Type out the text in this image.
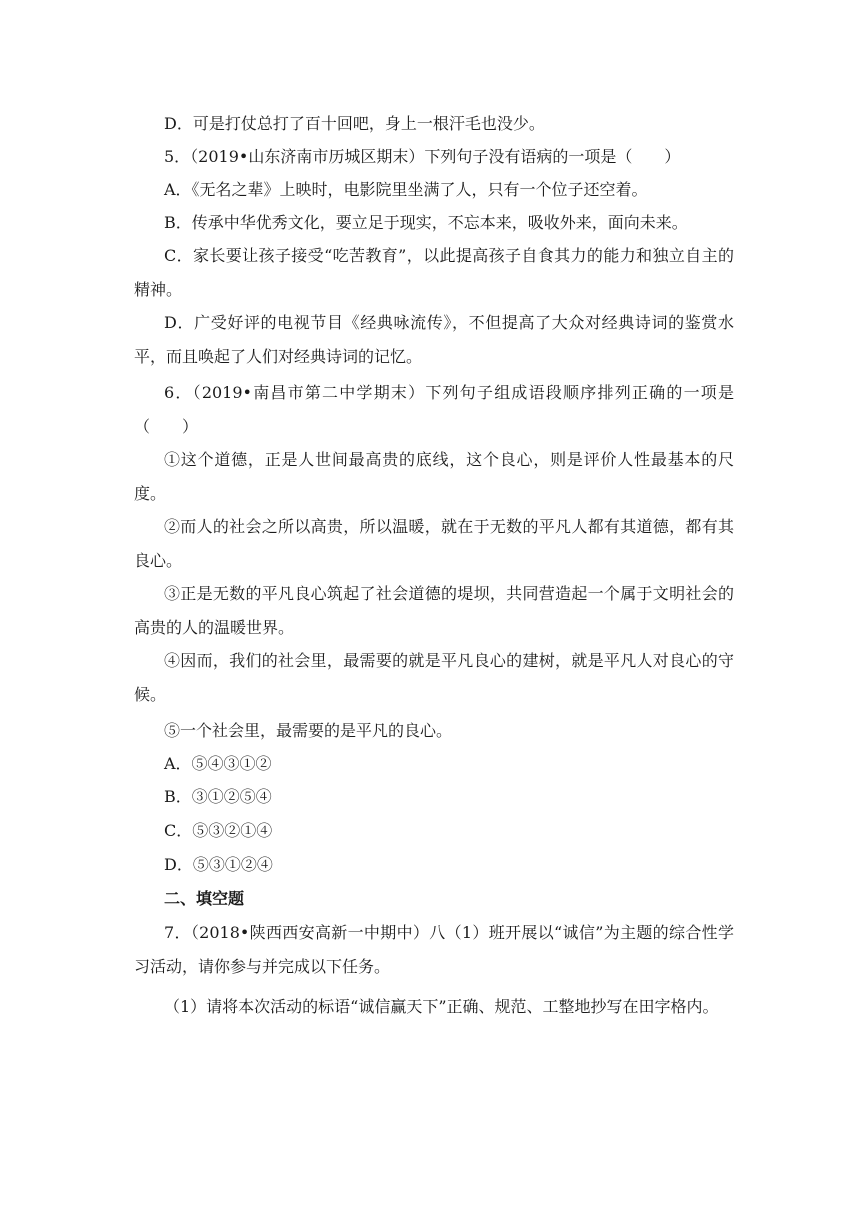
D．可是打仗总打了百十回吧，身上一根汗毛也没少。

5．（2019•山东济南市历城区期末）下列句子没有语病的一项是（　　）

A．《无名之辈》上映时，电影院里坐满了人，只有一个位子还空着。

B．传承中华优秀文化，要立足于现实，不忘本来，吸收外来，面向未来。

C．家长要让孩子接受“吃苦教育”，以此提高孩子自食其力的能力和独立自主的精神。

D．广受好评的电视节目《经典咏流传》，不但提高了大众对经典诗词的鉴赏水平，而且唤起了人们对经典诗词的记忆。

6．（2019•南昌市第二中学期末）下列句子组成语段顺序排列正确的一项是（　　）

①这个道德，正是人世间最高贵的底线，这个良心，则是评价人性最基本的尺度。

②而人的社会之所以高贵，所以温暖，就在于无数的平凡人都有其道德，都有其良心。

③正是无数的平凡良心筑起了社会道德的堤坝，共同营造起一个属于文明社会的高贵的人的温暖世界。

④因而，我们的社会里，最需要的就是平凡良心的建树，就是平凡人对良心的守候。

⑤一个社会里，最需要的是平凡的良心。

A．⑤④③①②

B．③①②⑤④

C．⑤③②①④

D．⑤③①②④

二、填空题

7．（2018•陕西西安高新一中期中）八（1）班开展以“诚信”为主题的综合性学习活动，请你参与并完成以下任务。

（1）请将本次活动的标语“诚信赢天下”正确、规范、工整地抄写在田字格内。
